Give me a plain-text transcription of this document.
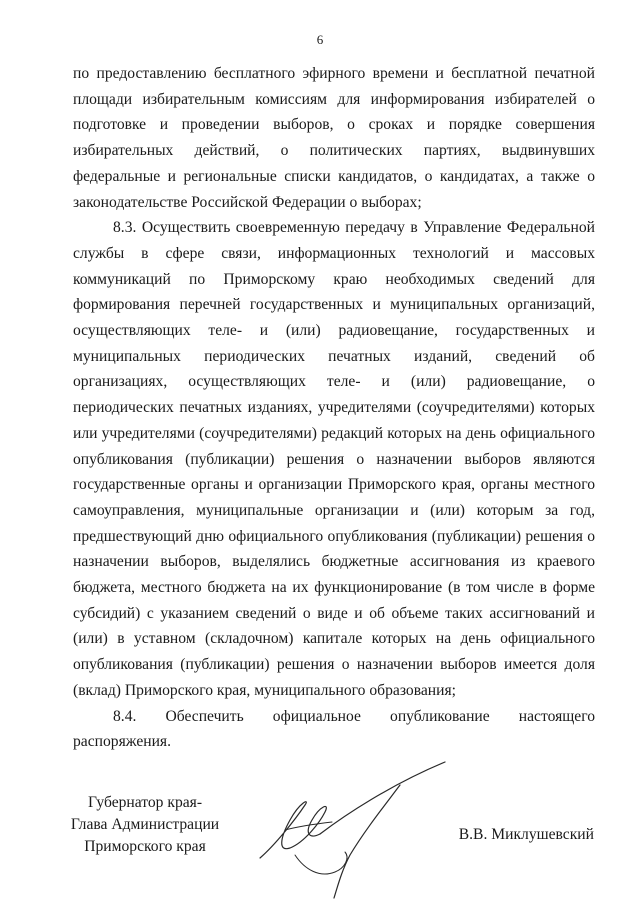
6

по предоставлению бесплатного эфирного времени и бесплатной печатной площади избирательным комиссиям для информирования избирателей о подготовке и проведении выборов, о сроках и порядке совершения избирательных действий, о политических партиях, выдвинувших федеральные и региональные списки кандидатов, о кандидатах, а также о законодательстве Российской Федерации о выборах;

8.3. Осуществить своевременную передачу в Управление Федеральной службы в сфере связи, информационных технологий и массовых коммуникаций по Приморскому краю необходимых сведений для формирования перечней государственных и муниципальных организаций, осуществляющих теле- и (или) радиовещание, государственных и муниципальных периодических печатных изданий, сведений об организациях, осуществляющих теле- и (или) радиовещание, о периодических печатных изданиях, учредителями (соучредителями) которых или учредителями (соучредителями) редакций которых на день официального опубликования (публикации) решения о назначении выборов являются государственные органы и организации Приморского края, органы местного самоуправления, муниципальные организации и (или) которым за год, предшествующий дню официального опубликования (публикации) решения о назначении выборов, выделялись бюджетные ассигнования из краевого бюджета, местного бюджета на их функционирование (в том числе в форме субсидий) с указанием сведений о виде и об объеме таких ассигнований и (или) в уставном (складочном) капитале которых на день официального опубликования (публикации) решения о назначении выборов имеется доля (вклад) Приморского края, муниципального образования;

8.4. Обеспечить официальное опубликование настоящего распоряжения.

Губернатор края-
Глава Администрации
Приморского края
В.В. Миклушевский
